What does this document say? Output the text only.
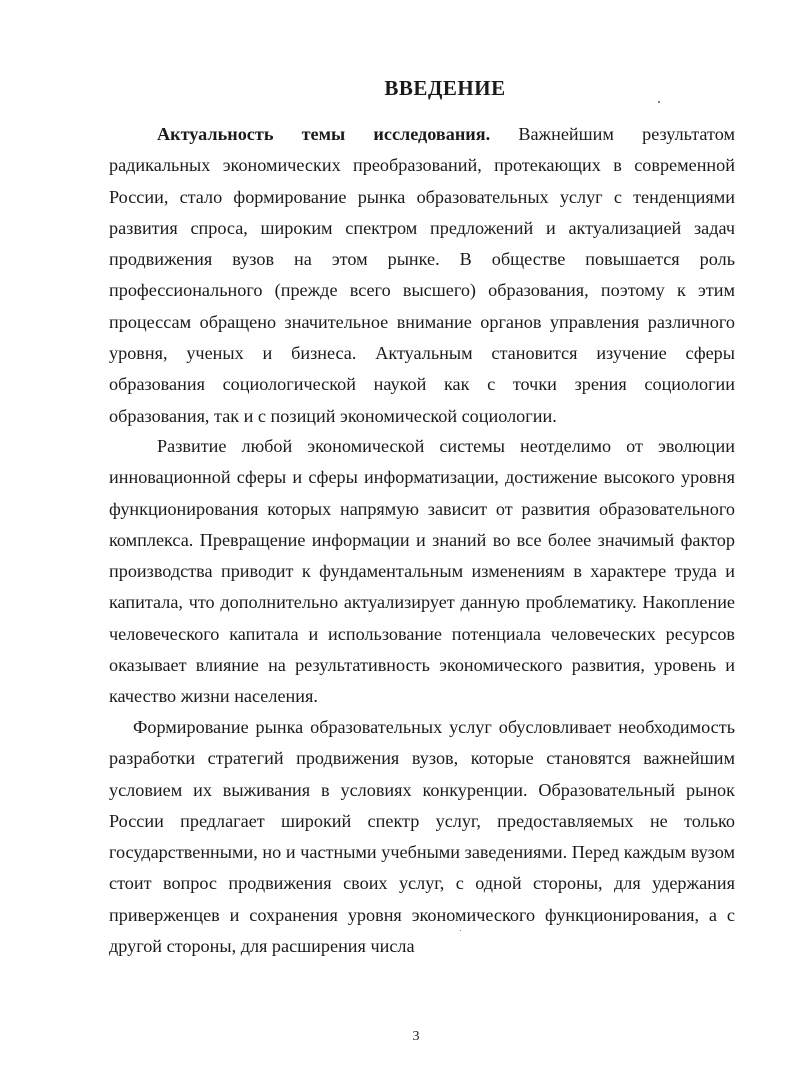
ВВЕДЕНИЕ

Актуальность темы исследования. Важнейшим результатом радикальных экономических преобразований, протекающих в современной России, стало формирование рынка образовательных услуг с тенденциями развития спроса, широким спектром предложений и актуализацией задач продвижения вузов на этом рынке. В обществе повышается роль профессионального (прежде всего высшего) образования, поэтому к этим процессам обращено значительное внимание органов управления различного уровня, ученых и бизнеса. Актуальным становится изучение сферы образования социологической наукой как с точки зрения социологии образования, так и с позиций экономической социологии.

Развитие любой экономической системы неотделимо от эволюции инновационной сферы и сферы информатизации, достижение высокого уровня функционирования которых напрямую зависит от развития образовательного комплекса. Превращение информации и знаний во все более значимый фактор производства приводит к фундаментальным изменениям в характере труда и капитала, что дополнительно актуализирует данную проблематику. Накопление человеческого капитала и использование потенциала человеческих ресурсов оказывает влияние на результативность экономического развития, уровень и качество жизни населения.

Формирование рынка образовательных услуг обусловливает необходимость разработки стратегий продвижения вузов, которые становятся важнейшим условием их выживания в условиях конкуренции. Образовательный рынок России предлагает широкий спектр услуг, предоставляемых не только государственными, но и частными учебными заведениями. Перед каждым вузом стоит вопрос продвижения своих услуг, с одной стороны, для удержания приверженцев и сохранения уровня экономического функционирования, а с другой стороны, для расширения числа

3
